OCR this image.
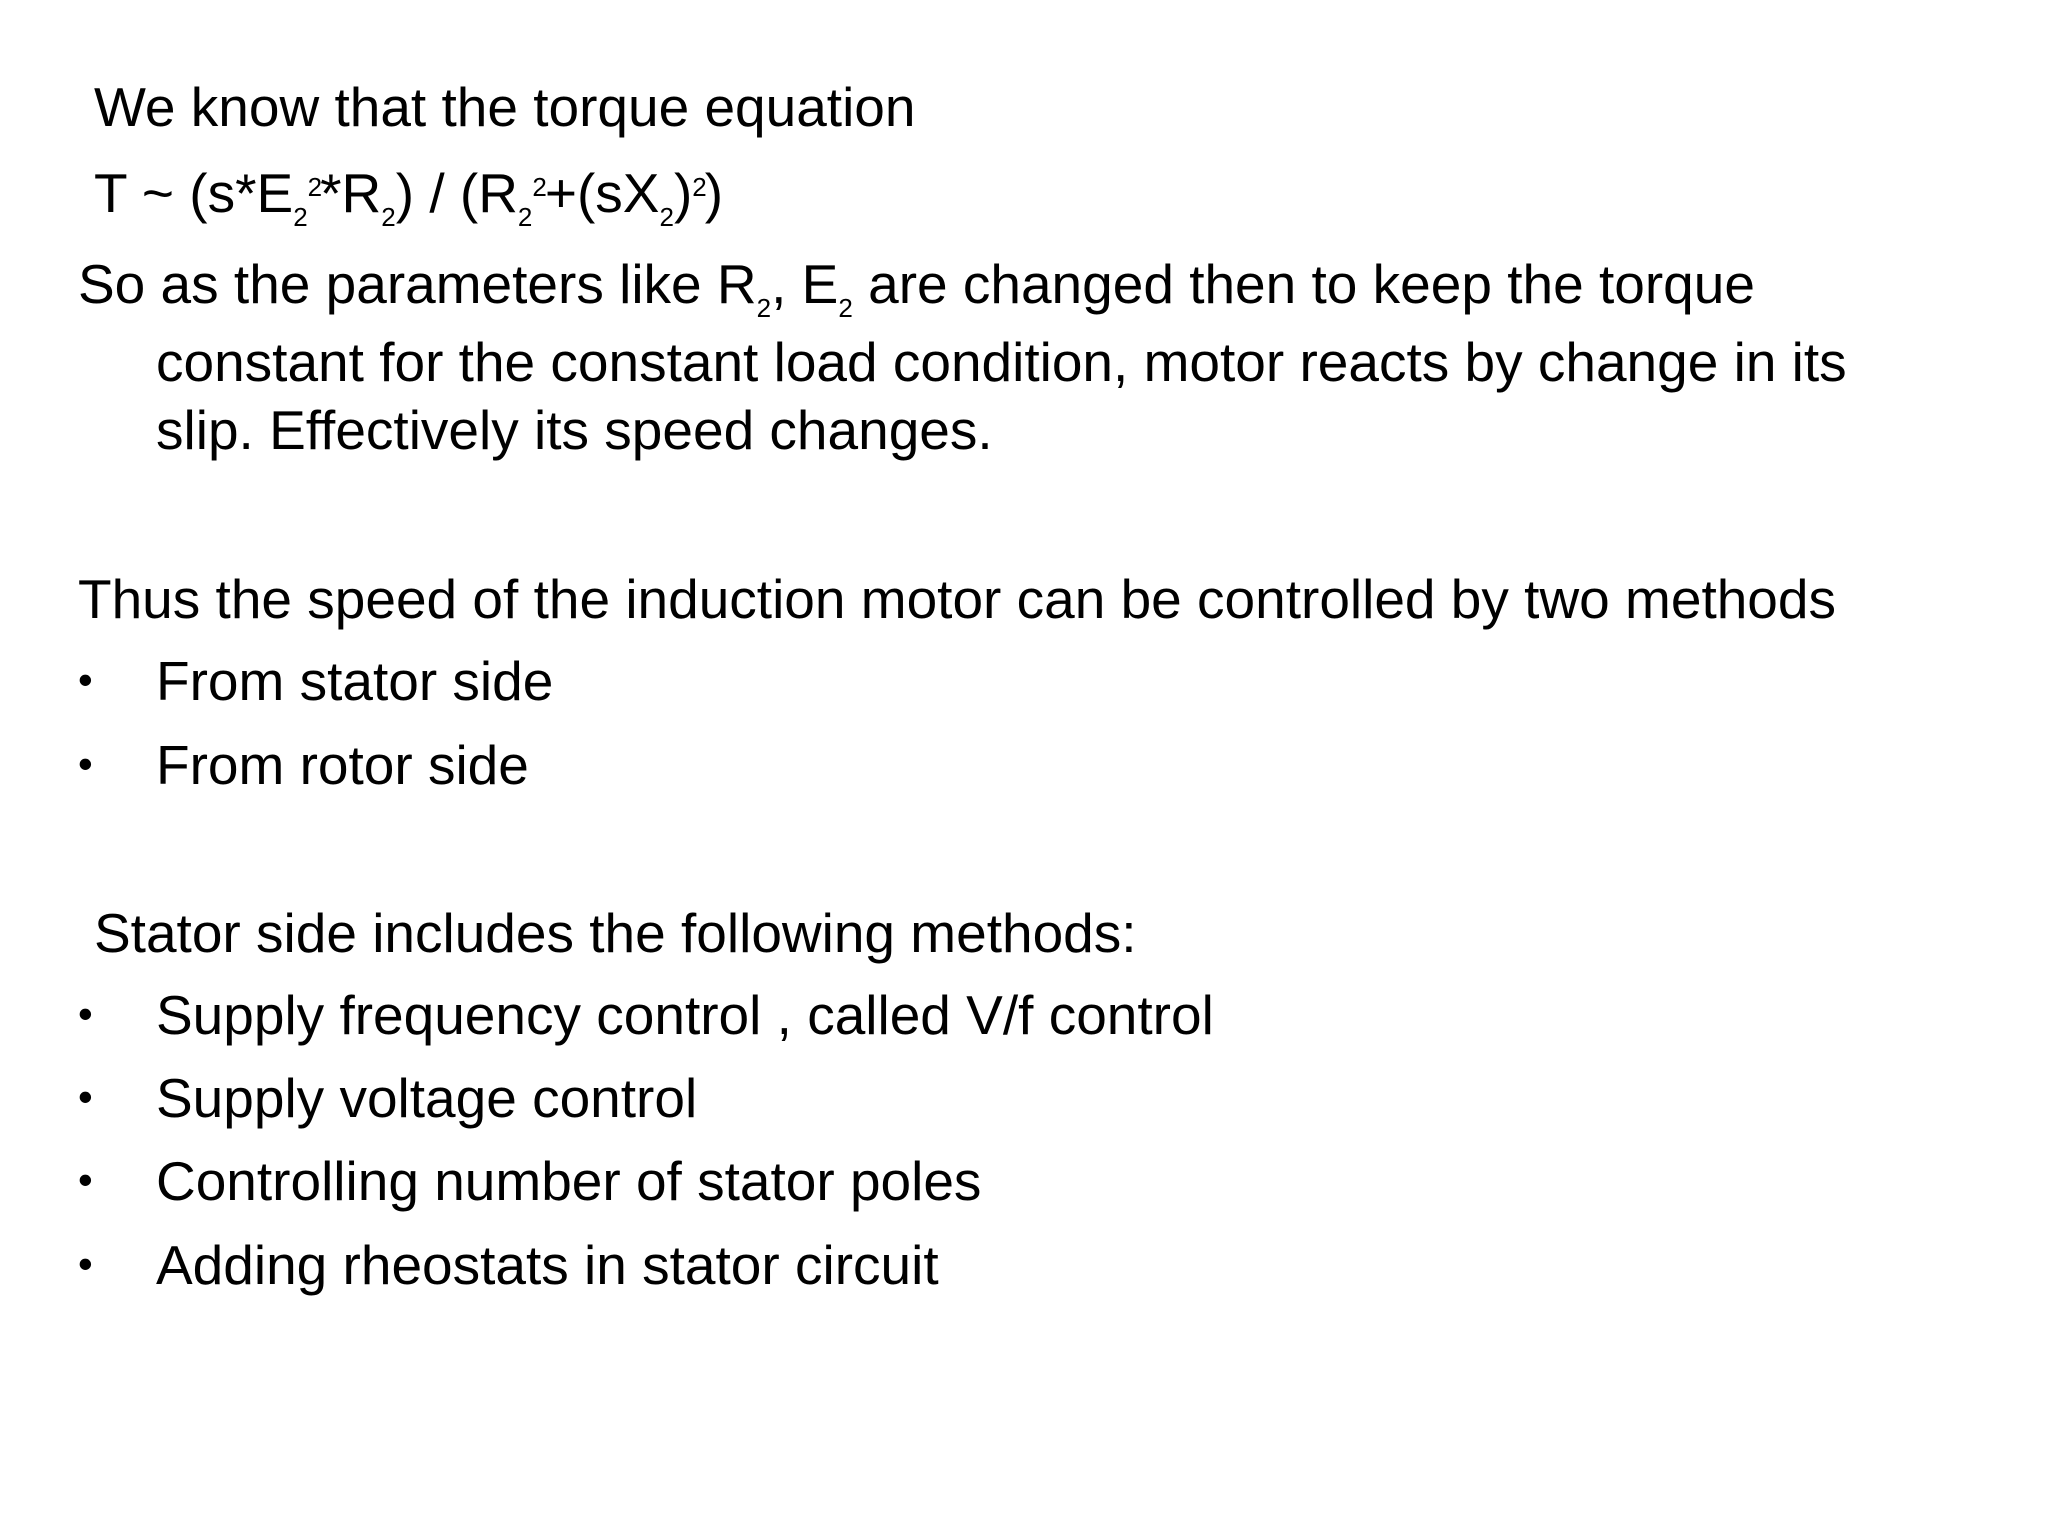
We know that the torque equation
T ~ (s*E22*R2) / (R22+(sX2)2)
So as the parameters like R2, E2 are changed then to keep the torque
constant for the constant load condition, motor reacts by change in its
slip. Effectively its speed changes.
Thus the speed of the induction motor can be controlled by two methods
• From stator side
• From rotor side
Stator side includes the following methods:
• Supply frequency control , called V/f control
• Supply voltage control
• Controlling number of stator poles
• Adding rheostats in stator circuit
